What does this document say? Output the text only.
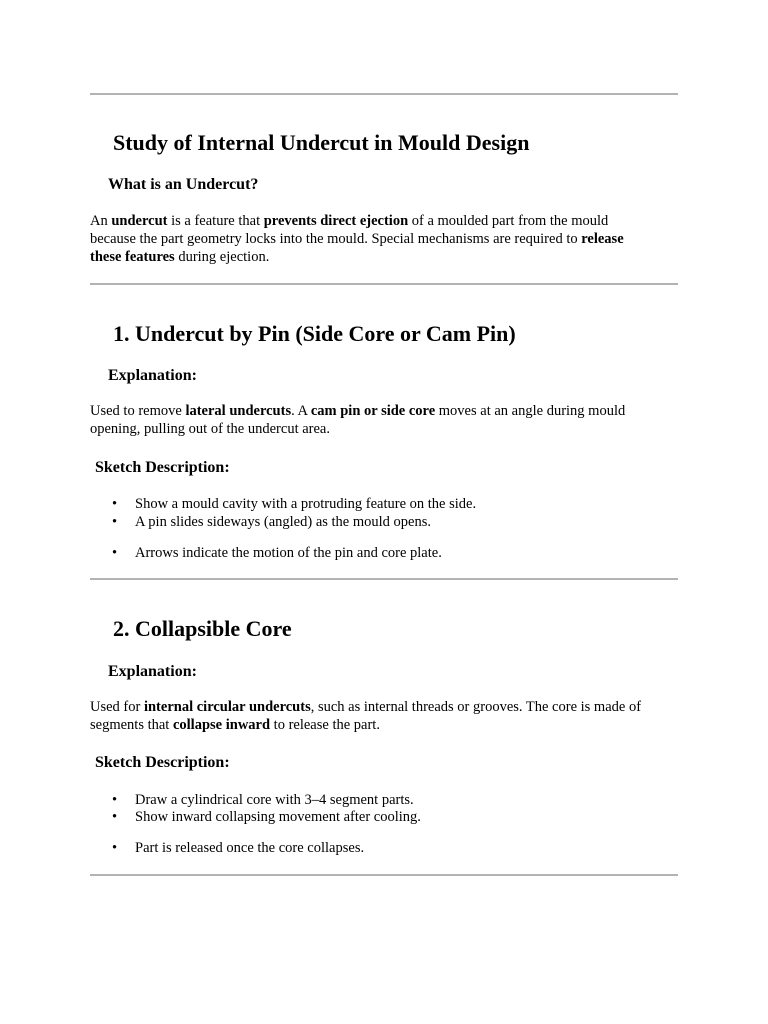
Study of Internal Undercut in Mould Design
What is an Undercut?

An undercut is a feature that prevents direct ejection of a moulded part from the mould
because the part geometry locks into the mould. Special mechanisms are required to release
these features during ejection.

1. Undercut by Pin (Side Core or Cam Pin)
Explanation:

Used to remove lateral undercuts. A cam pin or side core moves at an angle during mould
opening, pulling out of the undercut area.

Sketch Description:
• Show a mould cavity with a protruding feature on the side.
• A pin slides sideways (angled) as the mould opens.
• Arrows indicate the motion of the pin and core plate.
2. Collapsible Core
Explanation:

Used for internal circular undercuts, such as internal threads or grooves. The core is made of
segments that collapse inward to release the part.

Sketch Description:
• Draw a cylindrical core with 3–4 segment parts.
• Show inward collapsing movement after cooling.
• Part is released once the core collapses.
